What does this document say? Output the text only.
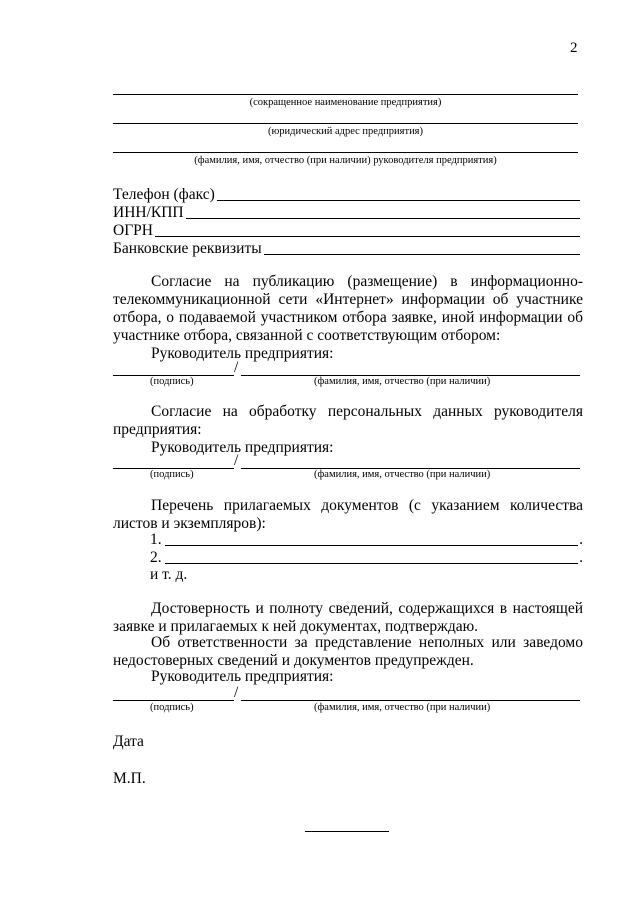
2
(сокращенное наименование предприятия)
(юридический адрес предприятия)
(фамилия, имя, отчество (при наличии) руководителя предприятия)
Телефон (факс)
ИНН/КПП
ОГРН
Банковские реквизиты
Согласие на публикацию (размещение) в информационно-телекоммуникационной сети «Интернет» информации об участнике отбора, о подаваемой участником отбора заявке, иной информации об участнике отбора, связанной с соответствующим отбором:
Руководитель предприятия:
/
(подпись)	(фамилия, имя, отчество (при наличии)
Согласие на обработку персональных данных руководителя предприятия:
Руководитель предприятия:
/
(подпись)	(фамилия, имя, отчество (при наличии)
Перечень прилагаемых документов (с указанием количества листов и экземпляров):
1.	.
2.	.
и т. д.
Достоверность и полноту сведений, содержащихся в настоящей заявке и прилагаемых к ней документах, подтверждаю.
Об ответственности за представление неполных или заведомо недостоверных сведений и документов предупрежден.
Руководитель предприятия:
/
(подпись)	(фамилия, имя, отчество (при наличии)
Дата
М.П.
